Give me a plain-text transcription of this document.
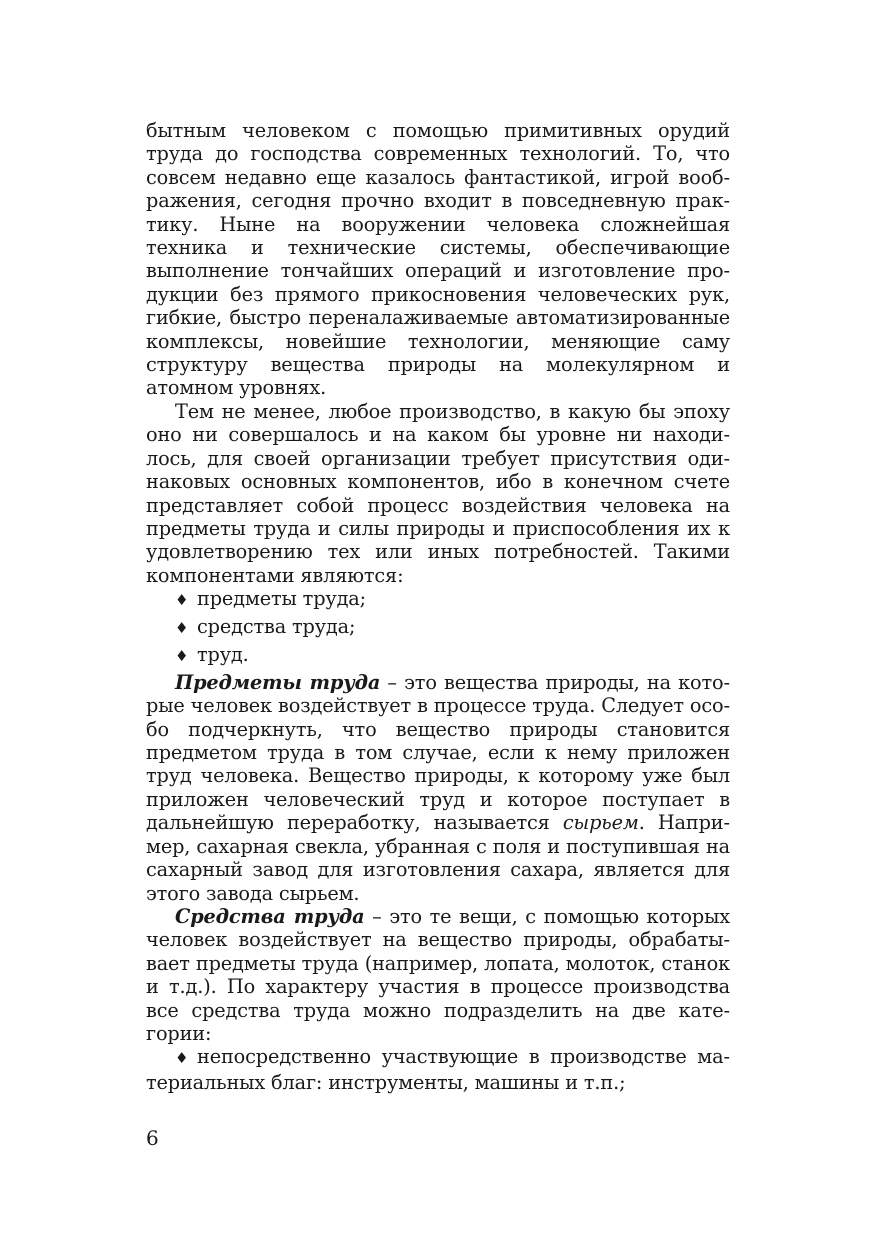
бытным человеком с помощью примитивных орудий труда до господства современных технологий. То, что совсем недавно еще казалось фантастикой, игрой воображения, сегодня прочно входит в повседневную практику. Ныне на вооружении человека сложнейшая техника и технические системы, обеспечивающие выполнение тончайших операций и изготовление продукции без прямого прикосновения человеческих рук, гибкие, быстро переналаживаемые автоматизированные комплексы, новейшие технологии, меняющие саму структуру вещества природы на молекулярном и атомном уровнях.

Тем не менее, любое производство, в какую бы эпоху оно ни совершалось и на каком бы уровне ни находилось, для своей организации требует присутствия одинаковых основных компонентов, ибо в конечном счете представляет собой процесс воздействия человека на предметы труда и силы природы и приспособления их к удовлетворению тех или иных потребностей. Такими компонентами являются:

♦ предметы труда;
♦ средства труда;
♦ труд.

Предметы труда – это вещества природы, на которые человек воздействует в процессе труда. Следует особо подчеркнуть, что вещество природы становится предметом труда в том случае, если к нему приложен труд человека. Вещество природы, к которому уже был приложен человеческий труд и которое поступает в дальнейшую переработку, называется сырьем. Например, сахарная свекла, убранная с поля и поступившая на сахарный завод для изготовления сахара, является для этого завода сырьем.

Средства труда – это те вещи, с помощью которых человек воздействует на вещество природы, обрабатывает предметы труда (например, лопата, молоток, станок и т.д.). По характеру участия в процессе производства все средства труда можно подразделить на две категории:

♦ непосредственно участвующие в производстве материальных благ: инструменты, машины и т.п.;
6
